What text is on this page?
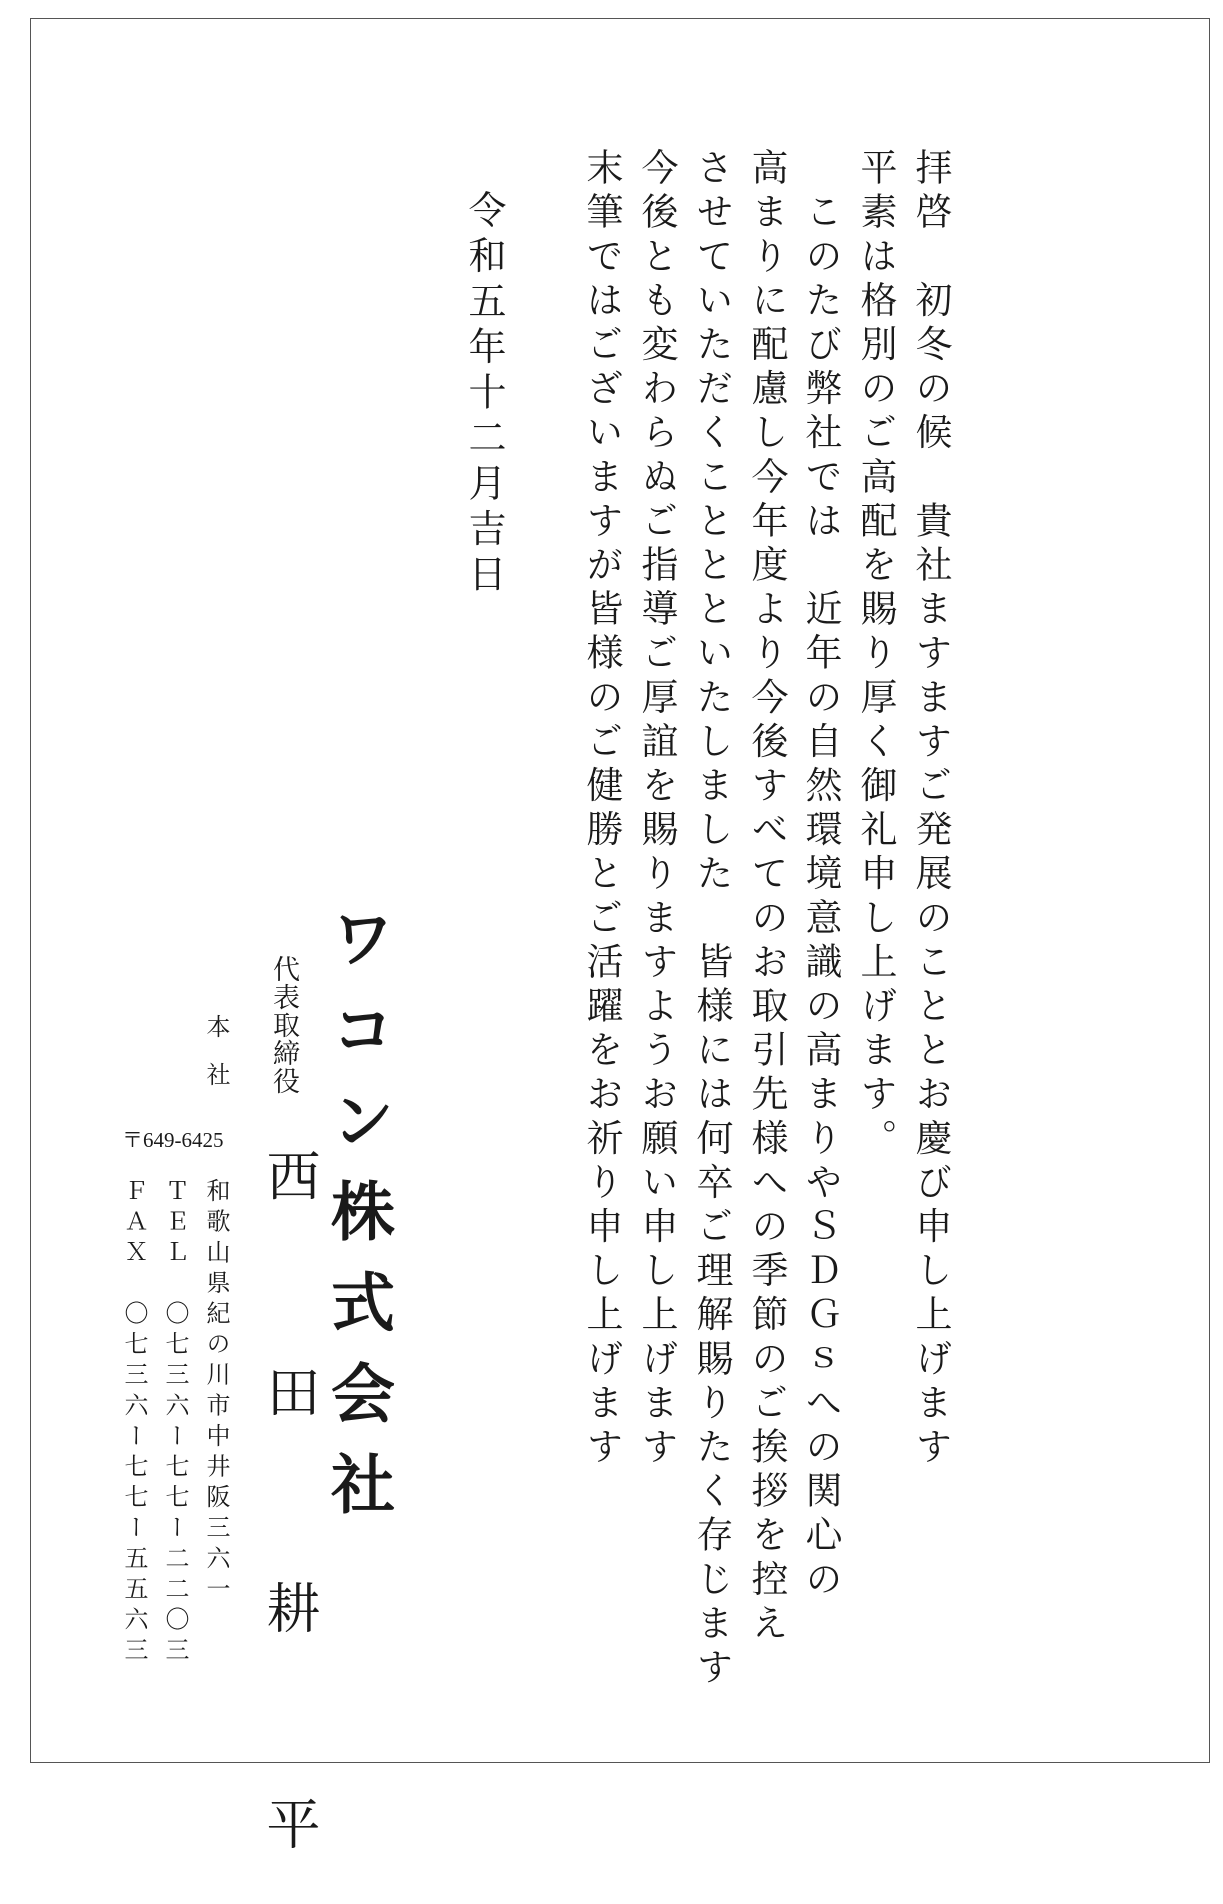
拝啓　初冬の候　貴社ますますご発展のこととお慶び申し上げます

平素は格別のご高配を賜り厚く御礼申し上げます。

　このたび弊社では　近年の自然環境意識の高まりやＳＤＧｓへの関心の

高まりに配慮し今年度より今後すべてのお取引先様への季節のご挨拶を控え

させていただくこととといたしました　皆様には何卒ご理解賜りたく存じます

今後とも変わらぬご指導ご厚誼を賜りますようお願い申し上げます

末筆ではございますが皆様のご健勝とご活躍をお祈り申し上げます

令和五年十二月吉日

ワコン株式会社

代表取締役

西　田　耕　平

本社

〒649-6425

和歌山県紀の川市中井阪三六一

ＴＥＬ　〇七三六ー七七ー二二〇三

ＦＡＸ　〇七三六ー七七ー五五六三
